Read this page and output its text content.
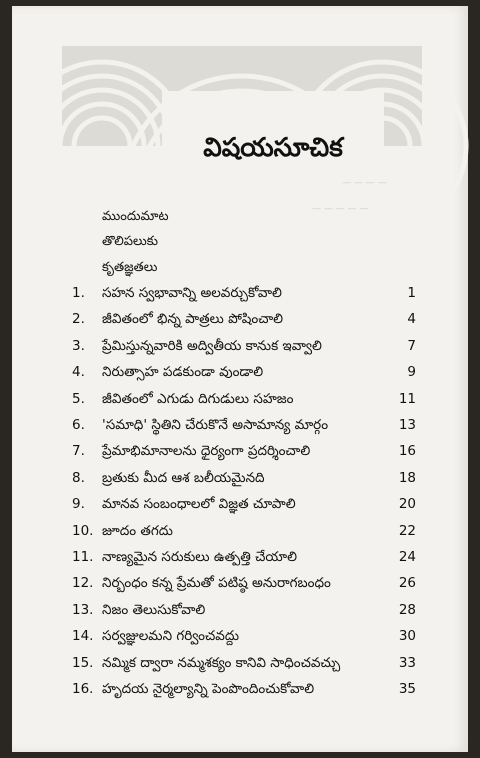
విషయసూచిక
— — — —
— — — — —
ముందుమాట
తొలిపలుకు
కృతజ్ఞతలు
1.	సహన స్వభావాన్ని అలవర్చుకోవాలి	1
2.	జీవితంలో భిన్న పాత్రలు పోషించాలి	4
3.	ప్రేమిస్తున్నవారికి అద్వితీయ కానుక ఇవ్వాలి	7
4.	నిరుత్సాహ పడకుండా వుండాలి	9
5.	జీవితంలో ఎగుడు దిగుడులు సహజం	11
6.	'సమాధి' స్థితిని చేరుకొనే అసామాన్య మార్గం	13
7.	ప్రేమాభిమానాలను ధైర్యంగా ప్రదర్శించాలి	16
8.	బ్రతుకు మీద ఆశ బలీయమైనది	18
9.	మానవ సంబంధాలలో విజ్ఞత చూపాలి	20
10. జూదం తగదు	22
11. నాణ్యమైన సరుకులు ఉత్పత్తి చేయాలి	24
12. నిర్బంధం కన్న ప్రేమతో పటిష్ఠ అనురాగబంధం	26
13. నిజం తెలుసుకోవాలి	28
14. సర్వజ్ఞులమని గర్వించవద్దు	30
15. నమ్మిక ద్వారా నమ్మశక్యం కానివి సాధించవచ్చు	33
16. హృదయ నైర్మల్యాన్ని పెంపొందించుకోవాలి	35
